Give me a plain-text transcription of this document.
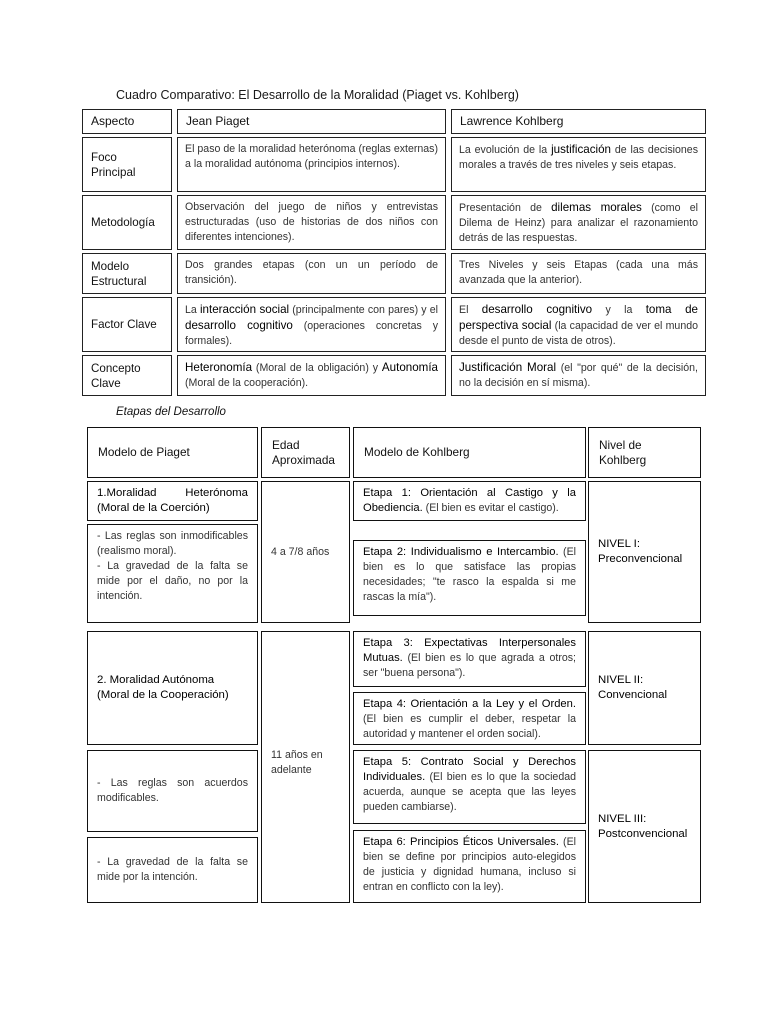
Cuadro Comparativo: El Desarrollo de la Moralidad (Piaget vs. Kohlberg)
Aspecto	Jean Piaget	Lawrence Kohlberg
Foco Principal
El paso de la moralidad heterónoma (reglas externas) a la moralidad autónoma (principios internos).
La evolución de la justificación de las decisiones morales a través de tres niveles y seis etapas.
Metodología
Observación del juego de niños y entrevistas estructuradas (uso de historias de dos niños con diferentes intenciones).
Presentación de dilemas morales (como el Dilema de Heinz) para analizar el razonamiento detrás de las respuestas.
Modelo Estructural
Dos grandes etapas (con un un período de transición).
Tres Niveles y seis Etapas (cada una más avanzada que la anterior).
Factor Clave
La interacción social (principalmente con pares) y el desarrollo cognitivo (operaciones concretas y formales).
El desarrollo cognitivo y la toma de perspectiva social (la capacidad de ver el mundo desde el punto de vista de otros).
Concepto Clave
Heteronomía (Moral de la obligación) y Autonomía (Moral de la cooperación).
Justificación Moral (el "por qué" de la decisión, no la decisión en sí misma).
Etapas del Desarrollo
Modelo de Piaget
Edad Aproximada
Modelo de Kohlberg
Nivel de Kohlberg
1.Moralidad Heterónoma (Moral de la Coerción)
- Las reglas son inmodificables (realismo moral).
- La gravedad de la falta se mide por el daño, no por la intención.
2. Moralidad Autónoma (Moral de la Cooperación)
- Las reglas son acuerdos modificables.
- La gravedad de la falta se mide por la intención.
4 a 7/8 años
11 años en adelante

Etapa 1: Orientación al Castigo y la Obediencia. (El bien es evitar el castigo).

Etapa 2: Individualismo e Intercambio. (El bien es lo que satisface las propias necesidades; "te rasco la espalda si me rascas la mía").

Etapa 3: Expectativas Interpersonales Mutuas. (El bien es lo que agrada a otros; ser "buena persona").

Etapa 4: Orientación a la Ley y el Orden. (El bien es cumplir el deber, respetar la autoridad y mantener el orden social).

Etapa 5: Contrato Social y Derechos Individuales. (El bien es lo que la sociedad acuerda, aunque se acepta que las leyes pueden cambiarse).

Etapa 6: Principios Éticos Universales. (El bien se define por principios auto-elegidos de justicia y dignidad humana, incluso si entran en conflicto con la ley).

NIVEL I:
Preconvencional
NIVEL II:
Convencional
NIVEL III:
Postconvencional
